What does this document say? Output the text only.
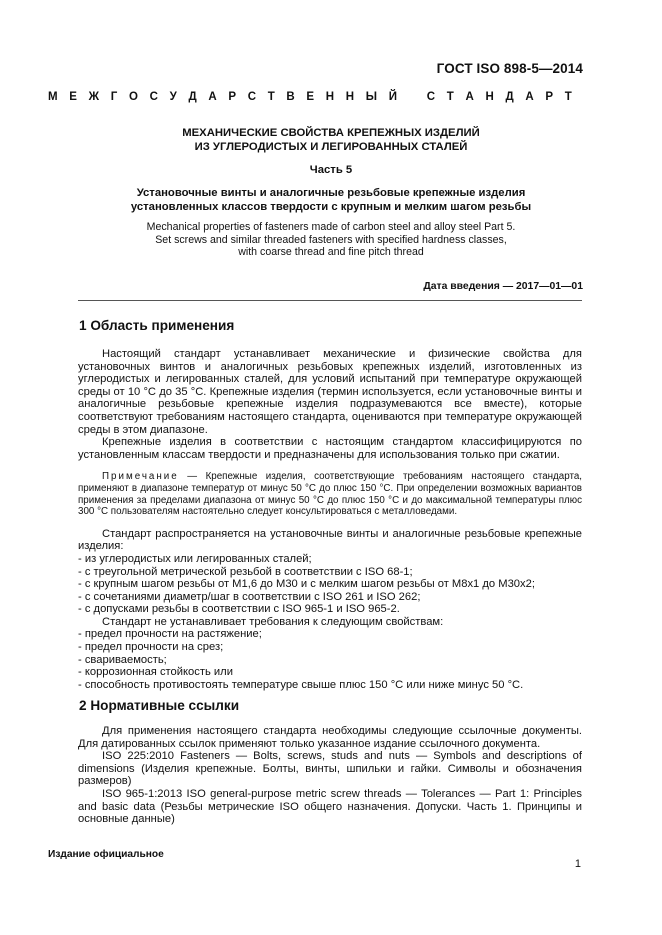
ГОСТ ISO 898-5—2014
М Е Ж Г О С У Д А Р С Т В Е Н Н Ы Й
	С Т А Н Д А Р Т
МЕХАНИЧЕСКИЕ СВОЙСТВА КРЕПЕЖНЫХ ИЗДЕЛИЙ
ИЗ УГЛЕРОДИСТЫХ И ЛЕГИРОВАННЫХ СТАЛЕЙ
Часть 5
Установочные винты и аналогичные резьбовые крепежные изделия
установленных классов твердости с крупным и мелким шагом резьбы
Mechanical properties of fasteners made of carbon steel and alloy steel Part 5.
Set screws and similar threaded fasteners with specified hardness classes,
with coarse thread and fine pitch thread
Дата введения — 2017—01—01
1 Область применения

Настоящий стандарт устанавливает механические и физические свойства для установочных винтов и аналогичных резьбовых крепежных изделий, изготовленных из углеродистых и легированных сталей, для условий испытаний при температуре окружающей среды от 10 °С до 35 °С. Крепежные изделия (термин используется, если установочные винты и аналогичные резьбовые крепежные изделия подразумеваются все вместе), которые соответствуют требованиям настоящего стандарта, оцениваются при температуре окружающей среды в этом диапазоне.

Крепежные изделия в соответствии с настоящим стандартом классифицируются по установленным классам твердости и предназначены для использования только при сжатии.

Примечание — Крепежные изделия, соответствующие требованиям настоящего стандарта, применяют в диапазоне температур от минус 50 °С до плюс 150 °С. При определении возможных вариантов применения за пределами диапазона от минус 50 °С до плюс 150 °С и до максимальной температуры плюс 300 °С пользователям настоятельно следует консультироваться с металловедами.

Стандарт распространяется на установочные винты и аналогичные резьбовые крепежные изделия:

- из углеродистых или легированных сталей;
- с треугольной метрической резьбой в соответствии с ISO 68-1;
- с крупным шагом резьбы от М1,6 до М30 и с мелким шагом резьбы от М8х1 до М30х2;
- с сочетаниями диаметр/шаг в соответствии с ISO 261 и ISO 262;
- с допусками резьбы в соответствии с ISO 965-1 и ISO 965-2.

Стандарт не устанавливает требования к следующим свойствам:

- предел прочности на растяжение;
- предел прочности на срез;
- свариваемость;
- коррозионная стойкость или
- способность противостоять температуре свыше плюс 150 °С или ниже минус 50 °С.
2 Нормативные ссылки

Для применения настоящего стандарта необходимы следующие ссылочные документы. Для датированных ссылок применяют только указанное издание ссылочного документа.

ISO 225:2010 Fasteners — Bolts, screws, studs and nuts — Symbols and descriptions of dimensions (Изделия крепежные. Болты, винты, шпильки и гайки. Символы и обозначения размеров)

ISO 965-1:2013 ISO general-purpose metric screw threads — Tolerances — Part 1: Principles and basic data (Резьбы метрические ISO общего назначения. Допуски. Часть 1. Принципы и основные данные)

Издание официальное
1
